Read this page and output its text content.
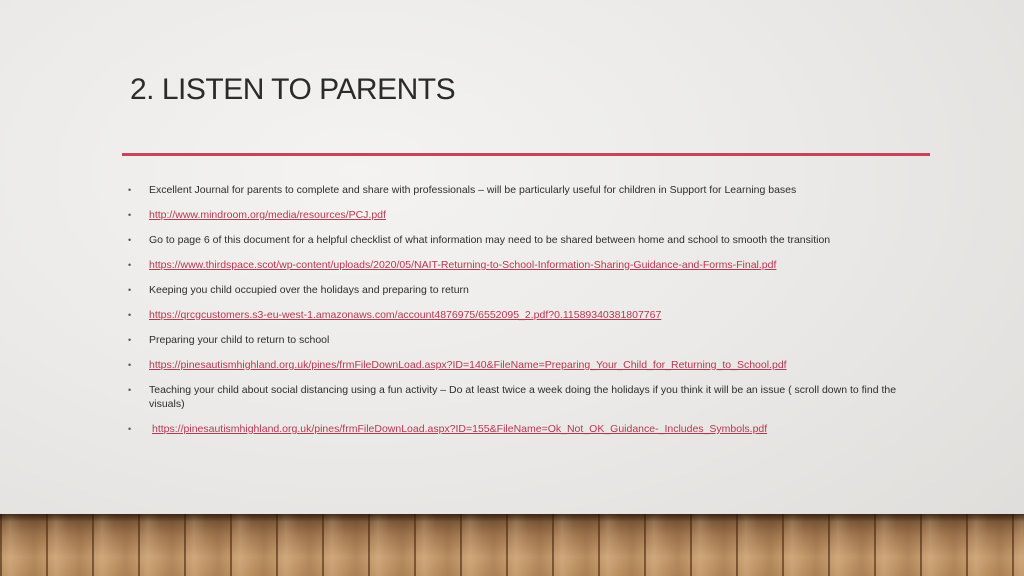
2. LISTEN TO PARENTS
• Excellent Journal for parents to complete and share with professionals – will be particularly useful for children in Support for Learning bases
• http://www.mindroom.org/media/resources/PCJ.pdf
• Go to page 6 of this document for a helpful checklist of what information may need to be shared between home and school to smooth the transition
• https://www.thirdspace.scot/wp-content/uploads/2020/05/NAIT-Returning-to-School-Information-Sharing-Guidance-and-Forms-Final.pdf
• Keeping you child occupied over the holidays and preparing to return
• https://qrcgcustomers.s3-eu-west-1.amazonaws.com/account4876975/6552095_2.pdf?0.11589340381807767
• Preparing your child to return to school
• https://pinesautismhighland.org.uk/pines/frmFileDownLoad.aspx?ID=140&FileName=Preparing_Your_Child_for_Returning_to_School.pdf
• Teaching your child about social distancing using a fun activity – Do at least twice a week doing the holidays if you think it will be an issue ( scroll down to find the visuals)
• https://pinesautismhighland.org.uk/pines/frmFileDownLoad.aspx?ID=155&FileName=Ok_Not_OK_Guidance-_Includes_Symbols.pdf
